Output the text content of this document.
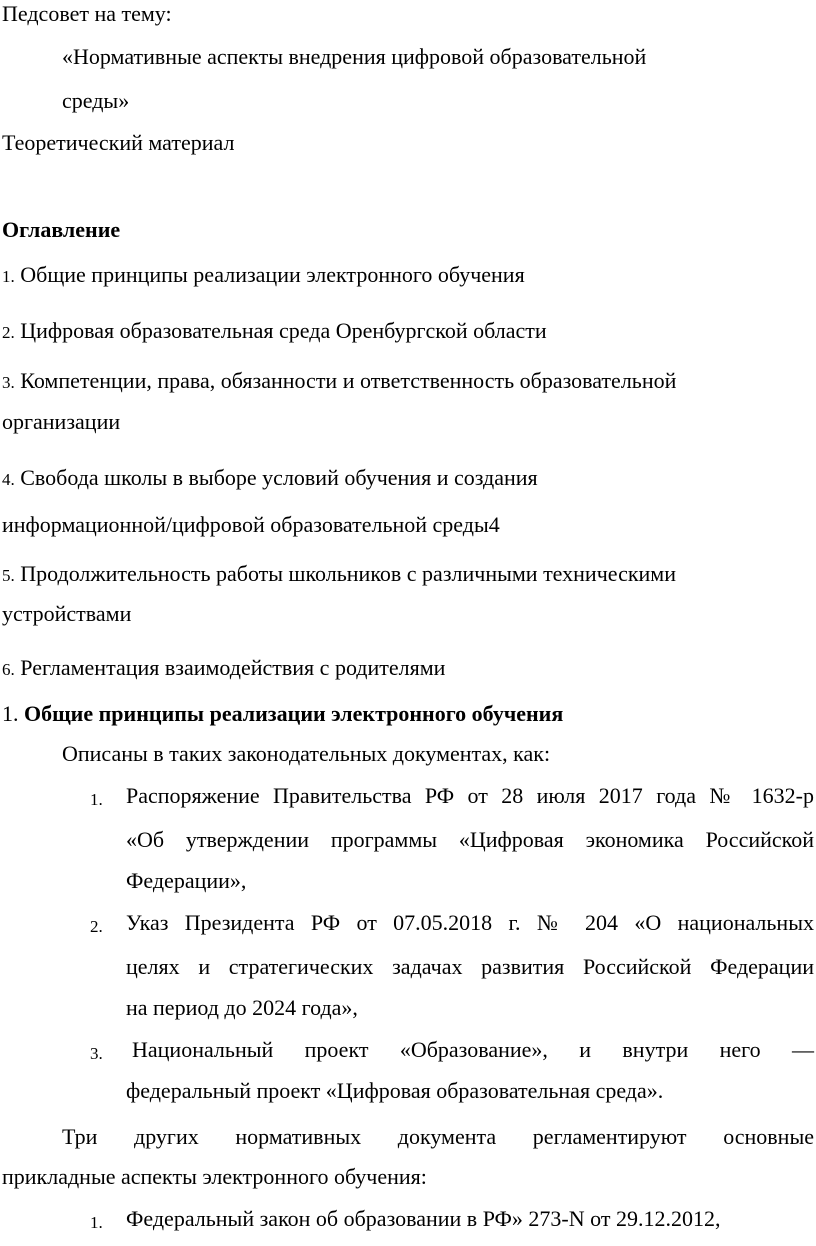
Педсовет на тему:
«Нормативные аспекты внедрения цифровой образовательной
среды»
Теоретический материал
Оглавление
1. Общие принципы реализации электронного обучения
2. Цифровая образовательная среда Оренбургской области
3. Компетенции, права, обязанности и ответственность образовательной
организации
4. Свобода школы в выборе условий обучения и создания
информационной/цифровой образовательной среды4
5. Продолжительность работы школьников с различными техническими
устройствами
6. Регламентация взаимодействия с родителями
1. Общие принципы реализации электронного обучения
Описаны в таких законодательных документах, как:
1. Распоряжение Правительства РФ от 28 июля 2017 года № 1632-р
«Об утверждении программы «Цифровая экономика Российской
Федерации»,
2. Указ Президента РФ от 07.05.2018 г. № 204 «О национальных
целях и стратегических задачах развития Российской Федерации
на период до 2024 года»,
3. Национальный проект «Образование», и внутри него —
федеральный проект «Цифровая образовательная среда».
Три других нормативных документа регламентируют основные
прикладные аспекты электронного обучения:
1. Федеральный закон об образовании в РФ» 273-N от 29.12.2012,
